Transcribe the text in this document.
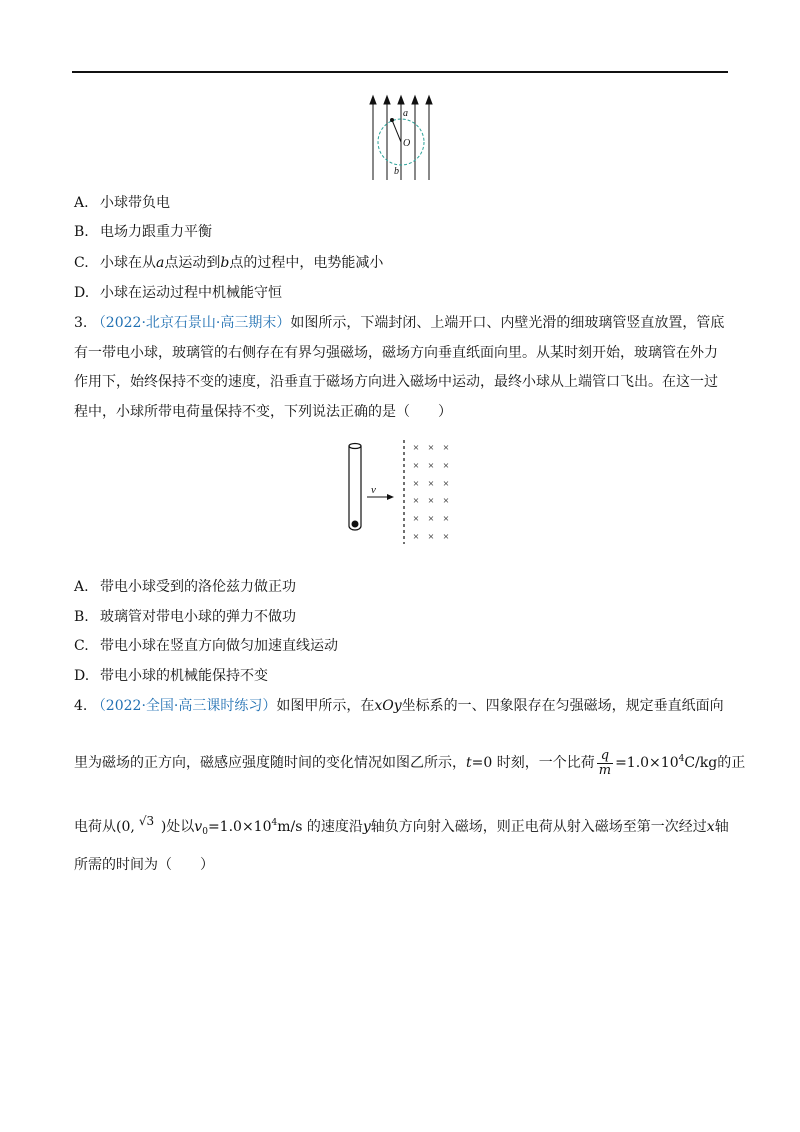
a
O
b
A. 小球带负电
B. 电场力跟重力平衡
C. 小球在从a点运动到b点的过程中，电势能减小
D. 小球在运动过程中机械能守恒
3. （2022·北京石景山·高三期末）如图所示，下端封闭、上端开口、内壁光滑的细玻璃管竖直放置，管底
有一带电小球，玻璃管的右侧存在有界匀强磁场，磁场方向垂直纸面向里。从某时刻开始，玻璃管在外力
作用下，始终保持不变的速度，沿垂直于磁场方向进入磁场中运动，最终小球从上端管口飞出。在这一过
程中，小球所带电荷量保持不变，下列说法正确的是（　　）
v
× × ×
× × ×
× × ×
× × ×
× × ×
× × ×
A. 带电小球受到的洛伦兹力做正功
B. 玻璃管对带电小球的弹力不做功
C. 带电小球在竖直方向做匀加速直线运动
D. 带电小球的机械能保持不变
4. （2022·全国·高三课时练习）如图甲所示，在xOy坐标系的一、四象限存在匀强磁场，规定垂直纸面向
里为磁场的正方向，磁感应强度随时间的变化情况如图乙所示，t=0 时刻，一个比荷 $\frac{q}{m} =1.0\times 10^4C/kg$的正
电荷从(0, √3 )处以$v_0=1.0\times 10^4m/s$ 的速度沿y轴负方向射入磁场，则正电荷从射入磁场至第一次经过x轴
所需的时间为（　　）
